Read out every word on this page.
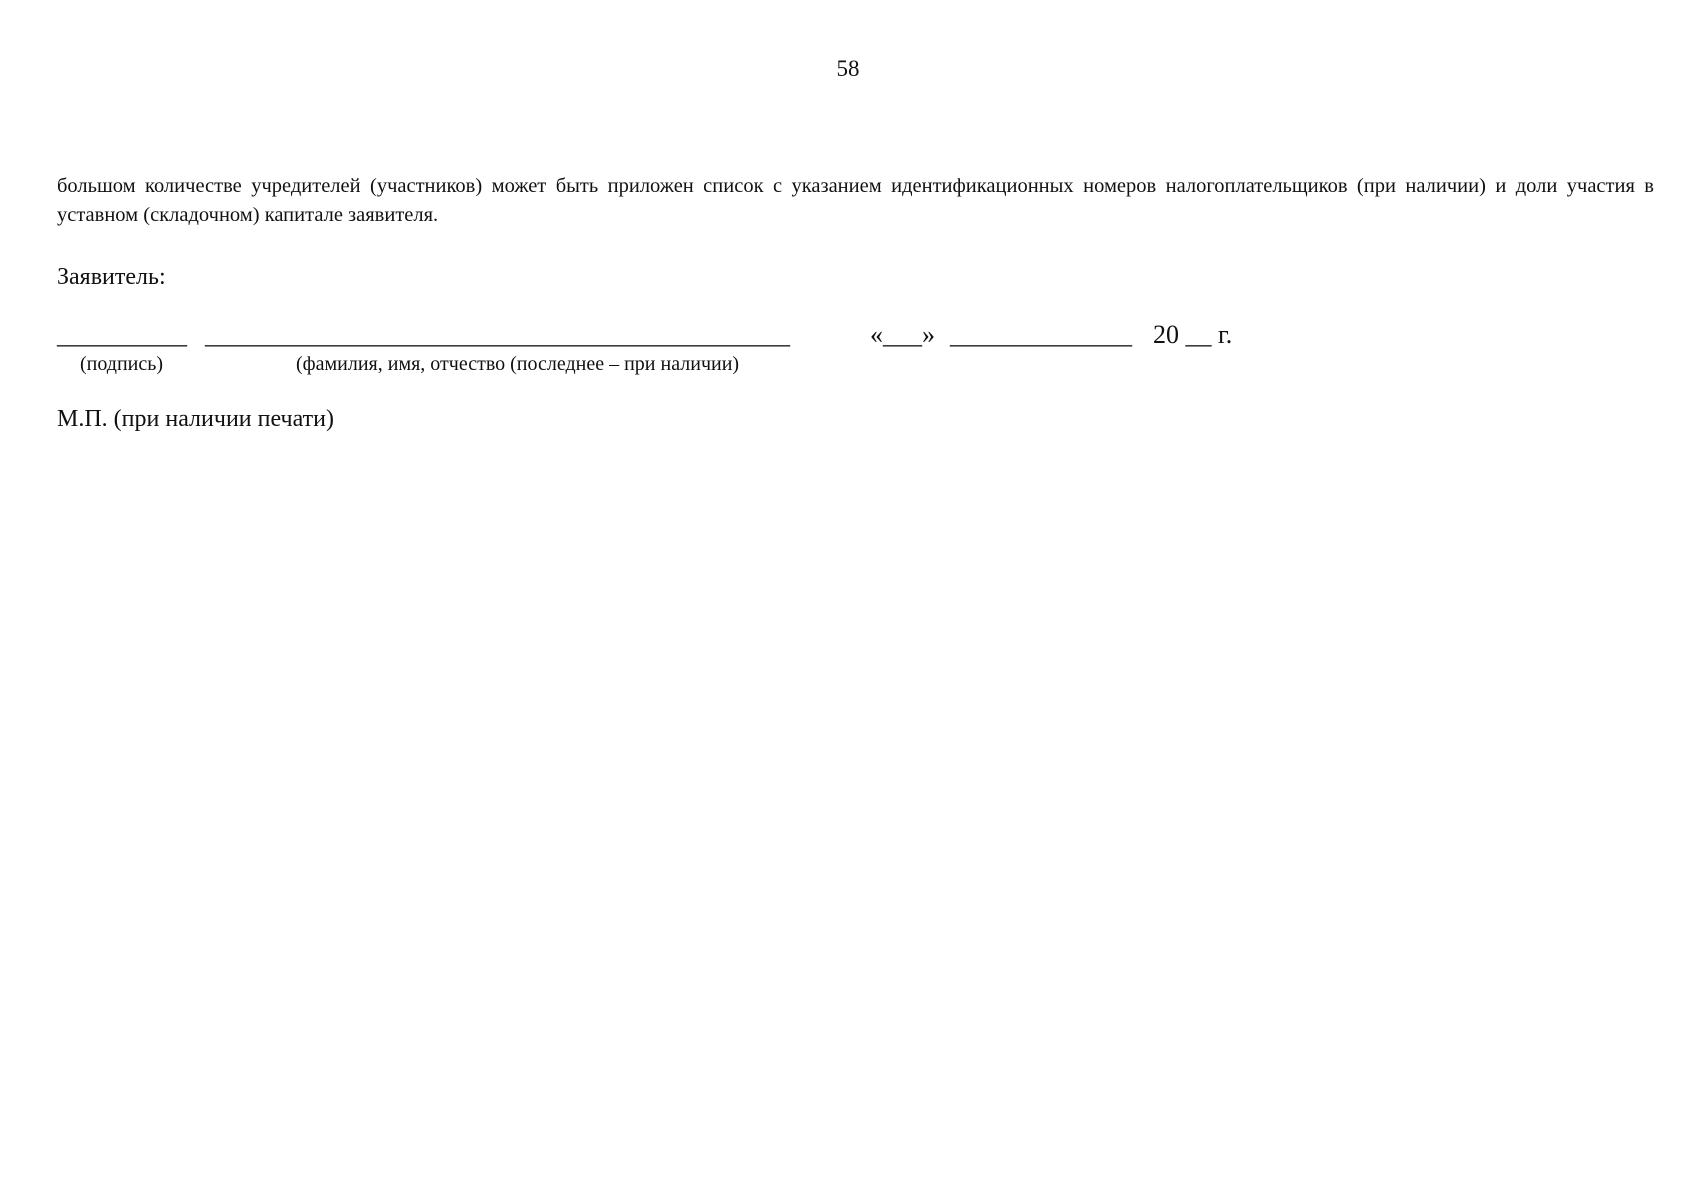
58

большом количестве учредителей (участников) может быть приложен список с указанием идентификационных номеров налогоплательщиков (при наличии) и доли участия в уставном (складочном) капитале заявителя.

Заявитель:
__________ _____________________________________________	«___» ______________ 20 __ г.
(подпись)	(фамилия, имя, отчество (последнее – при наличии)
М.П. (при наличии печати)
